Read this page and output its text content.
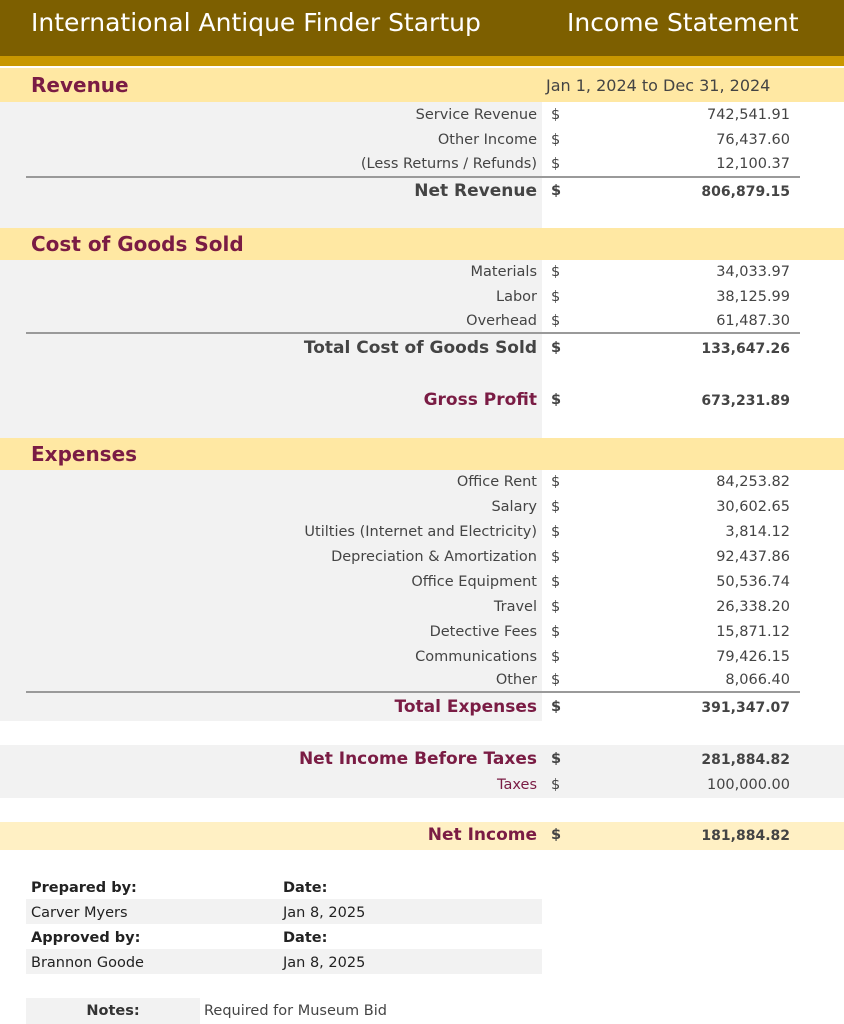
International Antique Finder Startup	Income Statement
Revenue	Jan 1, 2024 to Dec 31, 2024
Service Revenue $	742,541.91
Other Income $	76,437.60
(Less Returns / Refunds) $	12,100.37
Net Revenue $	806,879.15
Cost of Goods Sold
Materials $	34,033.97
Labor $	38,125.99
Overhead $	61,487.30
Total Cost of Goods Sold $	133,647.26
Gross Profit $	673,231.89
Expenses
Office Rent $	84,253.82
Salary $	30,602.65
Utilties (Internet and Electricity) $	3,814.12
Depreciation & Amortization $	92,437.86
Office Equipment $	50,536.74
Travel $	26,338.20
Detective Fees $	15,871.12
Communications $	79,426.15
Other $	8,066.40
Total Expenses $	391,347.07
Net Income Before Taxes $	281,884.82
Taxes $	100,000.00
Net Income $	181,884.82
Prepared by:	Date:
Carver Myers	Jan 8, 2025
Approved by:	Date:
Brannon Goode	Jan 8, 2025
Notes:	Required for Museum Bid
